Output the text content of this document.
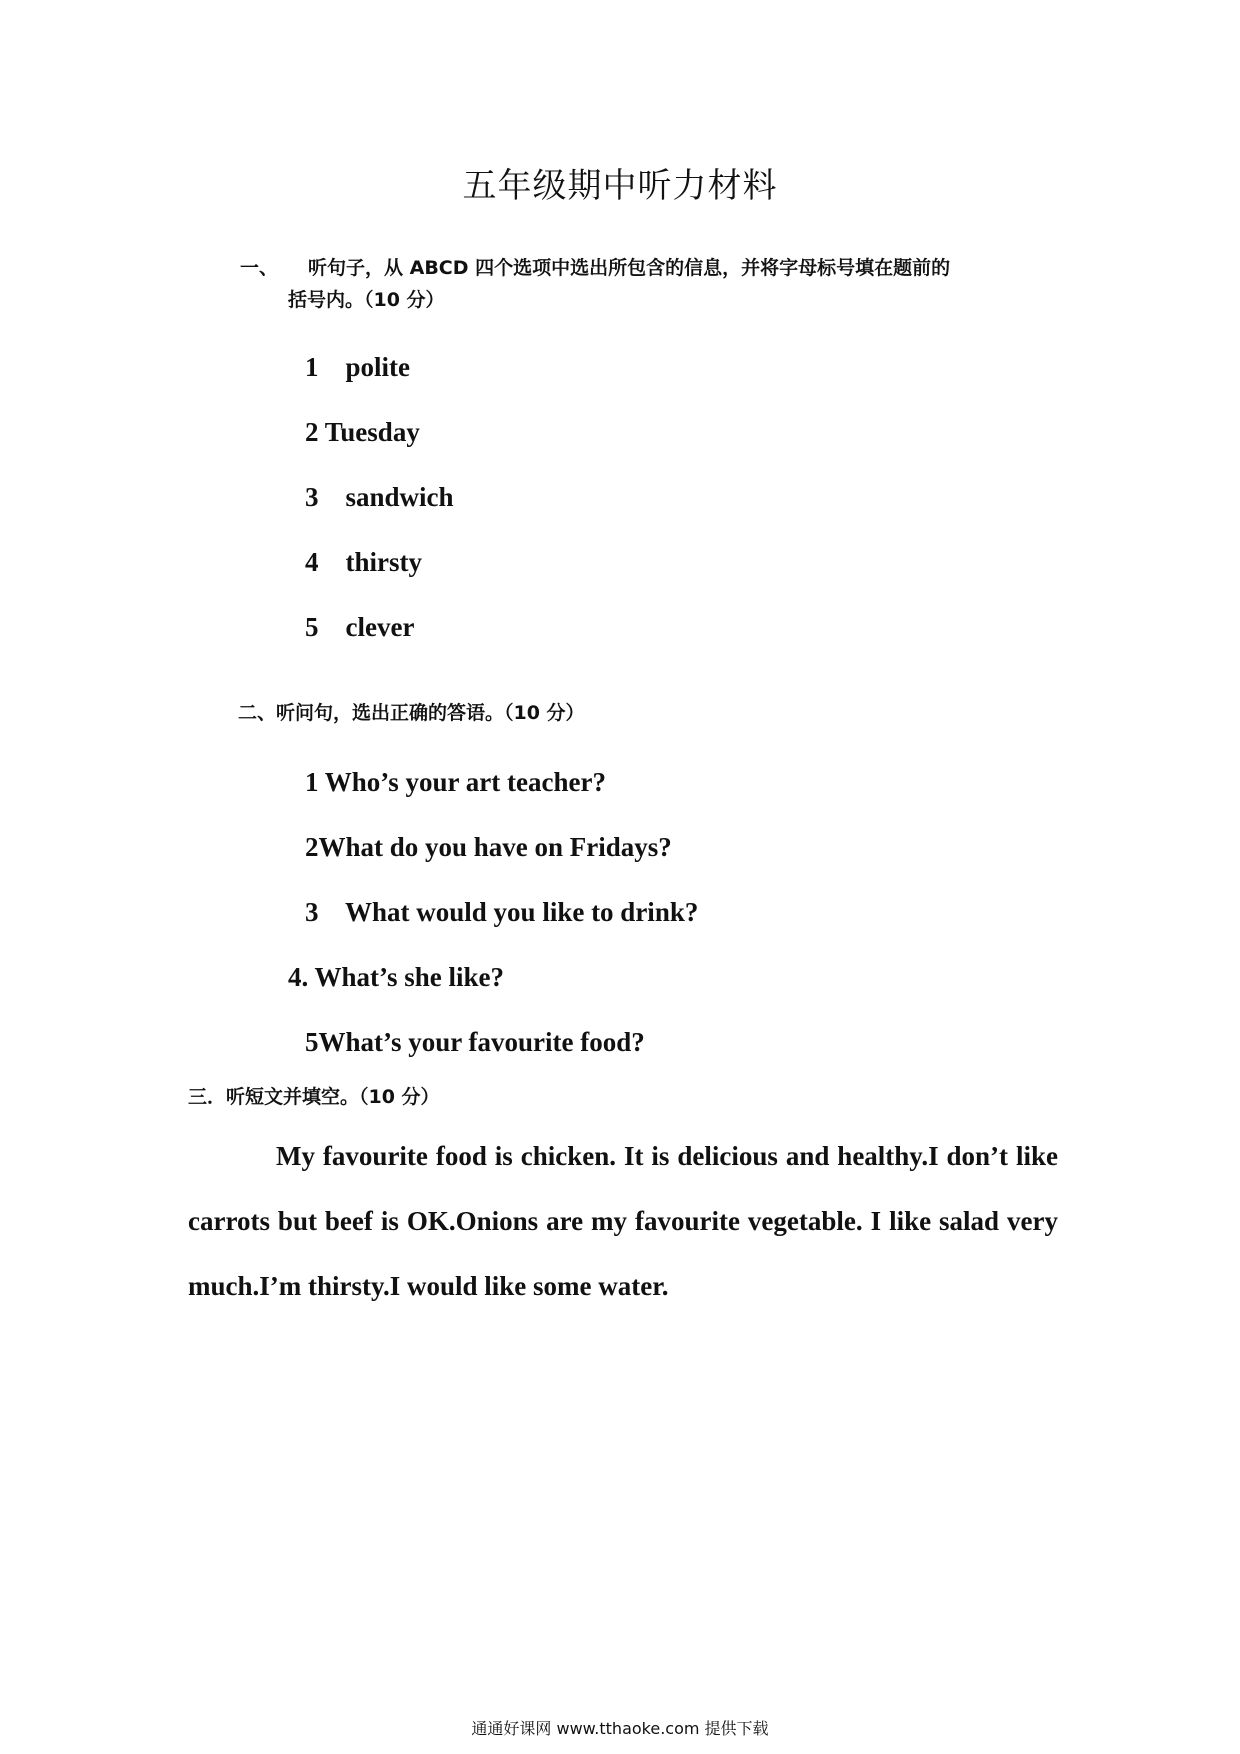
五年级期中听力材料
一、 听句子，从 ABCD 四个选项中选出所包含的信息，并将字母标号填在题前的
括号内。（10 分）
1    polite
2 Tuesday
3    sandwich
4    thirsty
5    clever
二、听问句，选出正确的答语。（10 分）
1 Who’s your art teacher?
2What do you have on Fridays?
3    What would you like to drink?
4. What’s she like?
5What’s your favourite food?
三．听短文并填空。（10 分）

My favourite food is chicken. It is delicious and healthy.I don’t like carrots but beef is OK.Onions are my favourite vegetable. I like salad very much.I’m thirsty.I would like some water.

通通好课网 www.tthaoke.com 提供下载
